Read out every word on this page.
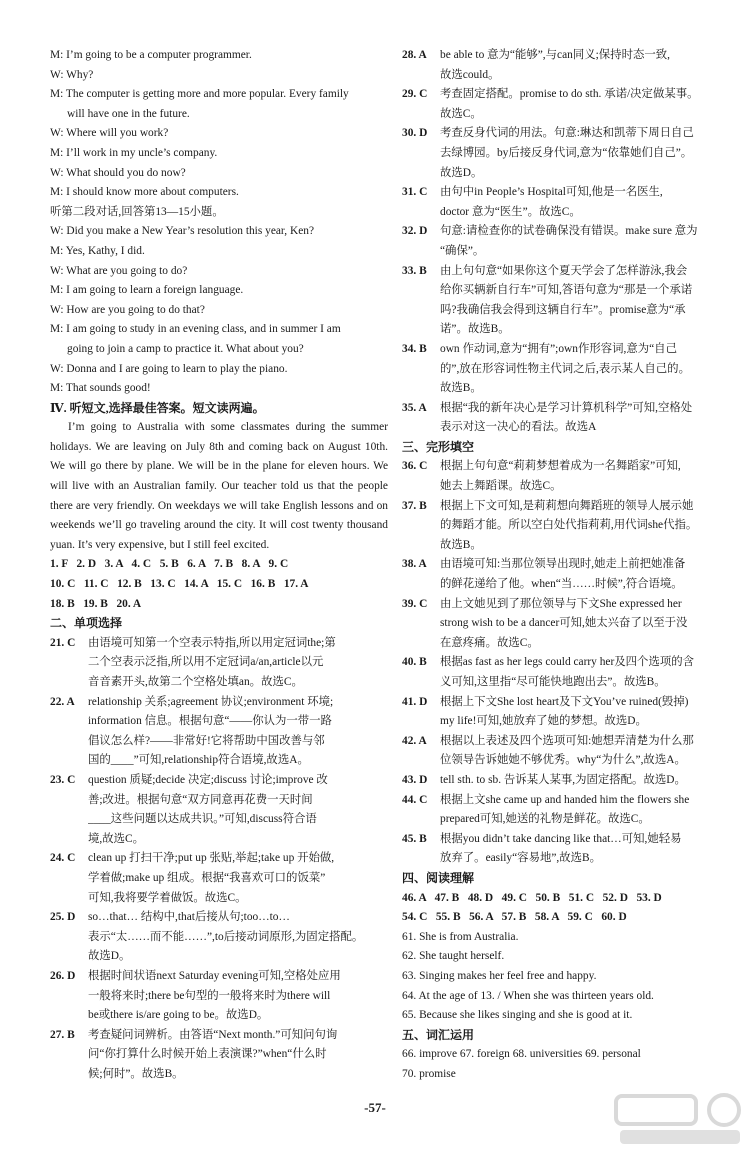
M: I’m going to be a computer programmer.
W: Why?
M: The computer is getting more and more popular. Every family
will have one in the future.
W: Where will you work?
M: I’ll work in my uncle’s company.
W: What should you do now?
M: I should know more about computers.
听第二段对话,回答第13—15小题。
W: Did you make a New Year’s resolution this year, Ken?
M: Yes, Kathy, I did.
W: What are you going to do?
M: I am going to learn a foreign language.
W: How are you going to do that?
M: I am going to study in an evening class, and in summer I am
going to join a camp to practice it. What about you?
W: Donna and I are going to learn to play the piano.
M: That sounds good!
Ⅳ. 听短文,选择最佳答案。短文读两遍。

I’m going to Australia with some classmates during the summer holidays. We are leaving on July 8th and coming back on August 10th. We will go there by plane. We will be in the plane for eleven hours. We will live with an Australian family. Our teacher told us that the people there are very friendly. On weekdays we will take English lessons and on weekends we’ll go traveling around the city. It will cost twenty thousand yuan. It’s very expensive, but I still feel excited.

1. F   2. D   3. A   4. C   5. B   6. A   7. B   8. A   9. C
10. C   11. C   12. B   13. C   14. A   15. C   16. B   17. A
18. B   19. B   20. A
二、单项选择
21. C	由语境可知第一个空表示特指,所以用定冠词the;第
二个空表示泛指,所以用不定冠词a/an,article以元
音音素开头,故第二个空格处填an。故选C。
22. A	relationship 关系;agreement 协议;environment 环境;
information 信息。根据句意“——你认为一带一路
倡议怎么样?——非常好!它将帮助中国改善与邻
国的____”可知,relationship符合语境,故选A。
23. C	question 质疑;decide 决定;discuss 讨论;improve 改
善;改进。根据句意“双方同意再花费一天时间
____这些问题以达成共识。”可知,discuss符合语
境,故选C。
24. C	clean up 打扫干净;put up 张贴,举起;take up 开始做,
学着做;make up 组成。根据“我喜欢可口的饭菜”
可知,我将要学着做饭。故选C。
25. D	so…that… 结构中,that后接从句;too…to…
表示“太……而不能……”,to后接动词原形,为固定搭配。
故选D。
26. D	根据时间状语next Saturday evening可知,空格处应用
一般将来时;there be句型的一般将来时为there will
be或there is/are going to be。故选D。
27. B	考查疑问词辨析。由答语“Next month.”可知问句询
问“你打算什么时候开始上表演课?”when“什么时
候;何时”。故选B。
28. A	be able to 意为“能够”,与can同义;保持时态一致,
故选could。
29. C	考查固定搭配。promise to do sth. 承诺/决定做某事。
故选C。
30. D	考查反身代词的用法。句意:琳达和凯蒂下周日自己
去绿博园。by后接反身代词,意为“依靠她们自己”。
故选D。
31. C	由句中in People’s Hospital可知,他是一名医生,
doctor 意为“医生”。故选C。
32. D	句意:请检查你的试卷确保没有错误。make sure 意为
“确保”。
33. B	由上句句意“如果你这个夏天学会了怎样游泳,我会
给你买辆新自行车”可知,答语句意为“那是一个承诺
吗?我确信我会得到这辆自行车”。promise意为“承
诺”。故选B。
34. B	own 作动词,意为“拥有”;own作形容词,意为“自己
的”,放在形容词性物主代词之后,表示某人自己的。
故选B。
35. A	根据“我的新年决心是学习计算机科学”可知,空格处
表示对这一决心的看法。故选A
三、完形填空
36. C	根据上句句意“莉莉梦想着成为一名舞蹈家”可知,
她去上舞蹈课。故选C。
37. B	根据上下文可知,是莉莉想向舞蹈班的领导人展示她
的舞蹈才能。所以空白处代指莉莉,用代词she代指。
故选B。
38. A	由语境可知:当那位领导出现时,她走上前把她准备
的鲜花递给了他。when“当……时候”,符合语境。
39. C	由上文她见到了那位领导与下文She expressed her
strong wish to be a dancer可知,她太兴奋了以至于没
在意疼痛。故选C。
40. B	根据as fast as her legs could carry her及四个选项的含
义可知,这里指“尽可能快地跑出去”。故选B。
41. D	根据上下文She lost heart及下文You’ve ruined(毁掉)
my life!可知,她放弃了她的梦想。故选D。
42. A	根据以上表述及四个选项可知:她想弄清楚为什么那
位领导告诉她她不够优秀。why“为什么”,故选A。
43. D	tell sth. to sb. 告诉某人某事,为固定搭配。故选D。
44. C	根据上文she came up and handed him the flowers she
prepared可知,她送的礼物是鲜花。故选C。
45. B	根据you didn’t take dancing like that…可知,她轻易
放弃了。easily“容易地”,故选B。
四、阅读理解
46. A   47. B   48. D   49. C   50. B   51. C   52. D   53. D
54. C   55. B   56. A   57. B   58. A   59. C   60. D
61. She is from Australia.
62. She taught herself.
63. Singing makes her feel free and happy.
64. At the age of 13. / When she was thirteen years old.
65. Because she likes singing and she is good at it.
五、词汇运用
66. improve 67. foreign 68. universities 69. personal
70. promise
-57-
